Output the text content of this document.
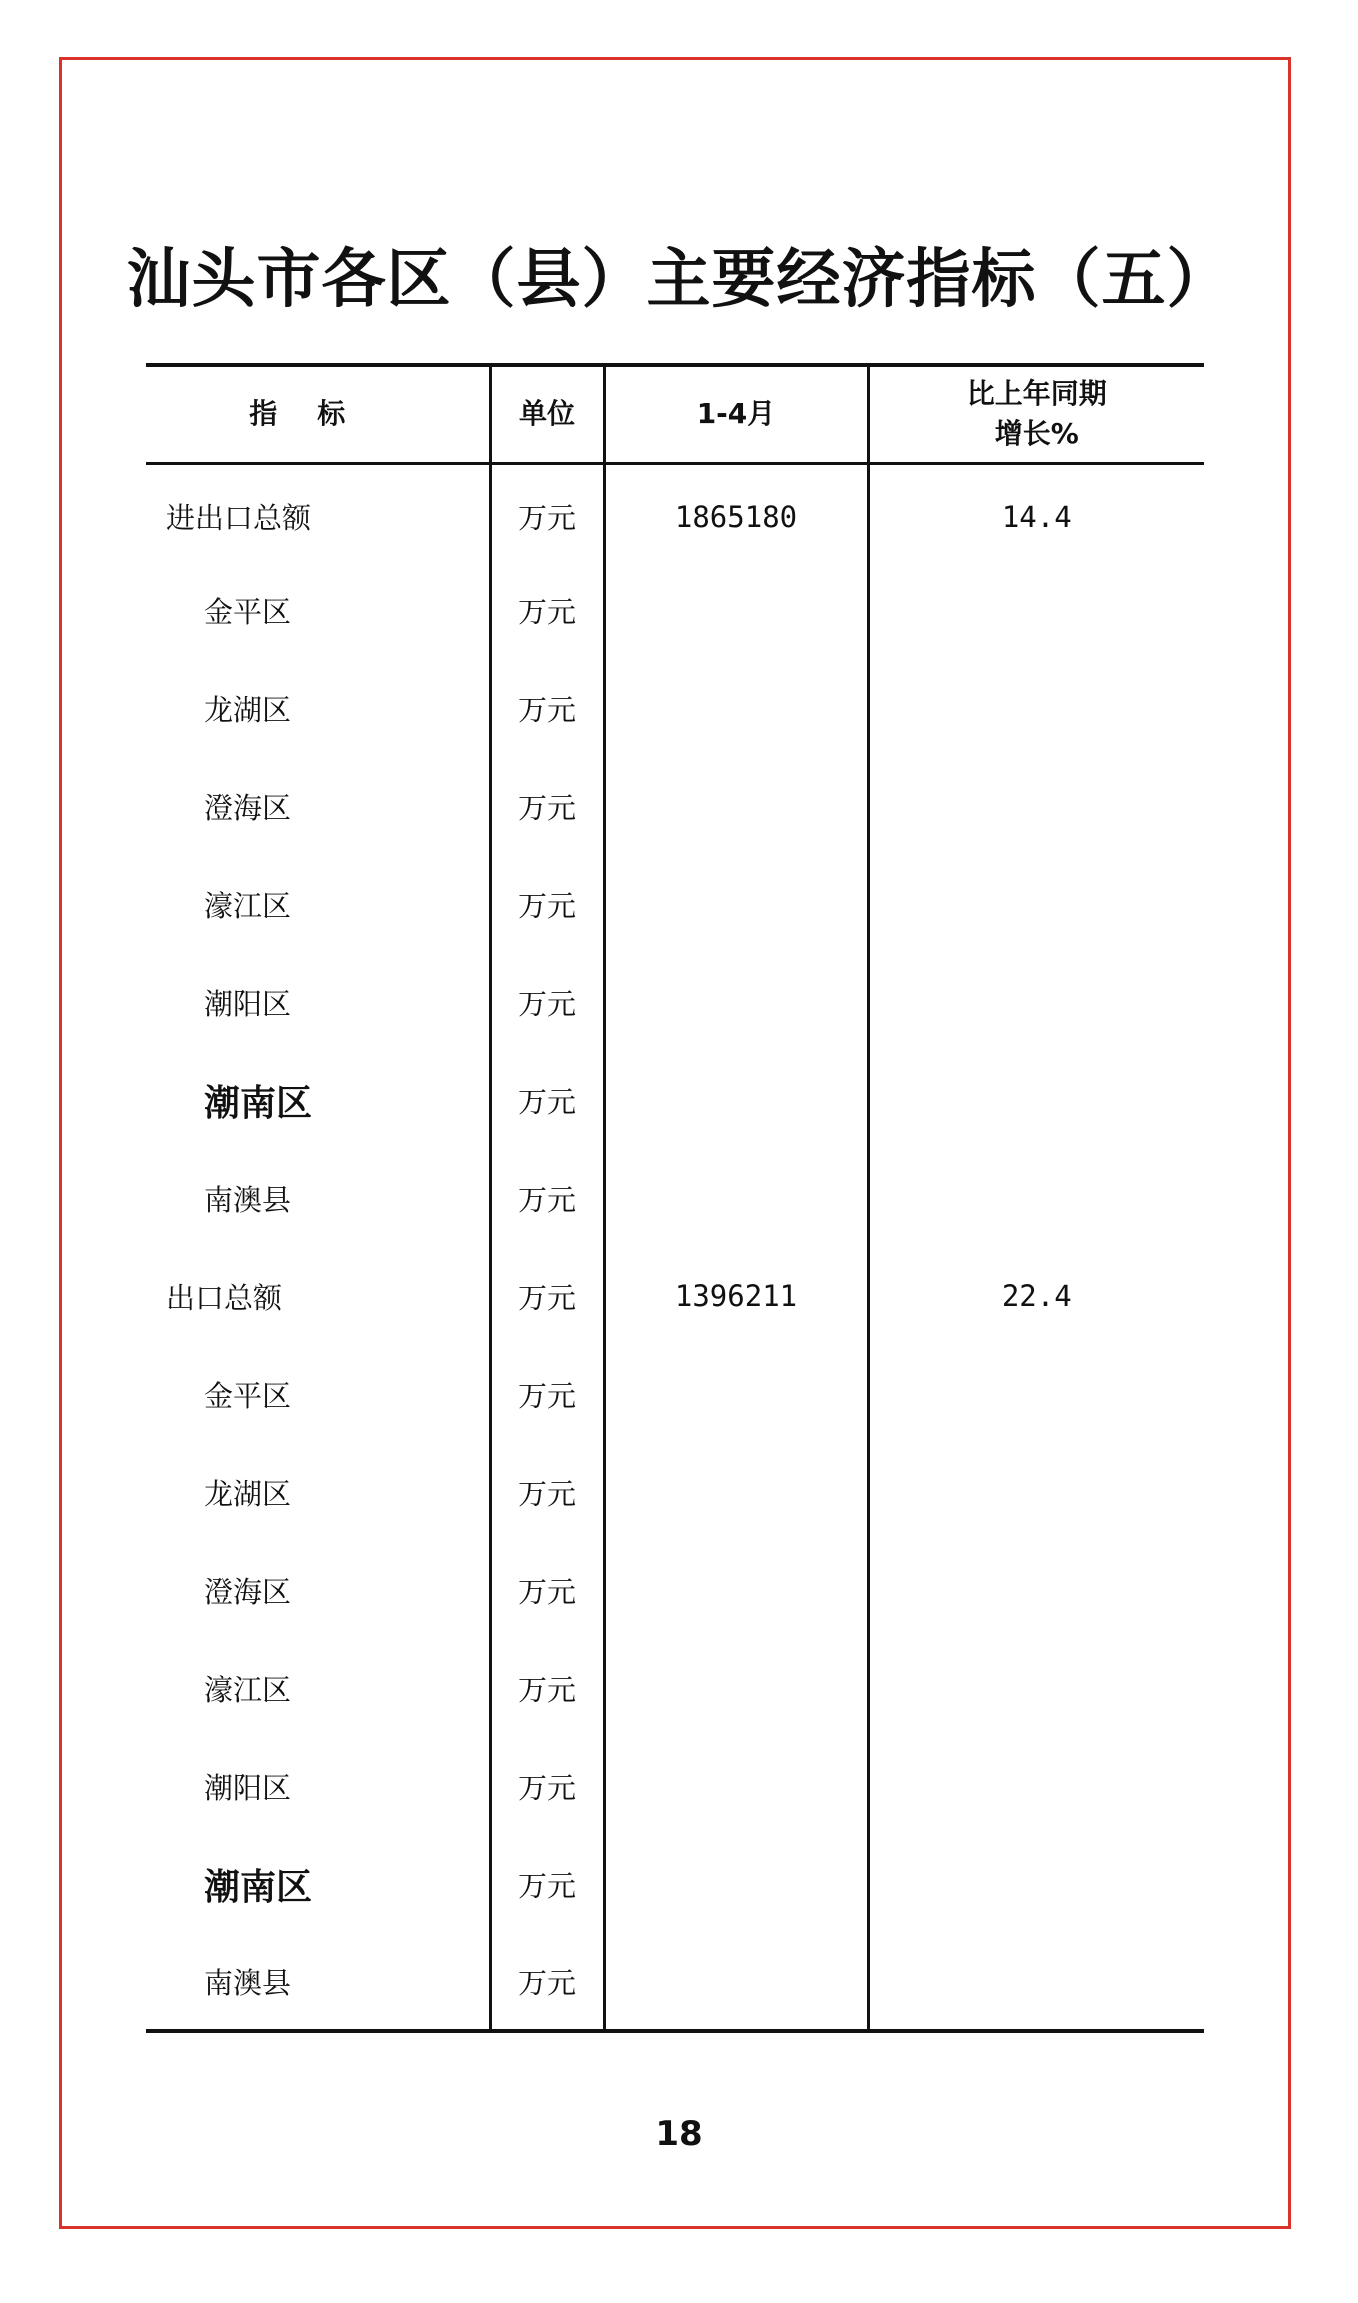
汕头市各区（县）主要经济指标（五）
指标	单位	1-4月	比上年同期
增长%
进出口总额	万元	1865180	14.4
金平区	万元		
龙湖区	万元		
澄海区	万元		
濠江区	万元		
潮阳区	万元		
潮南区	万元		
南澳县	万元		
出口总额	万元	1396211	22.4
金平区	万元		
龙湖区	万元		
澄海区	万元		
濠江区	万元		
潮阳区	万元		
潮南区	万元		
南澳县	万元		
18
